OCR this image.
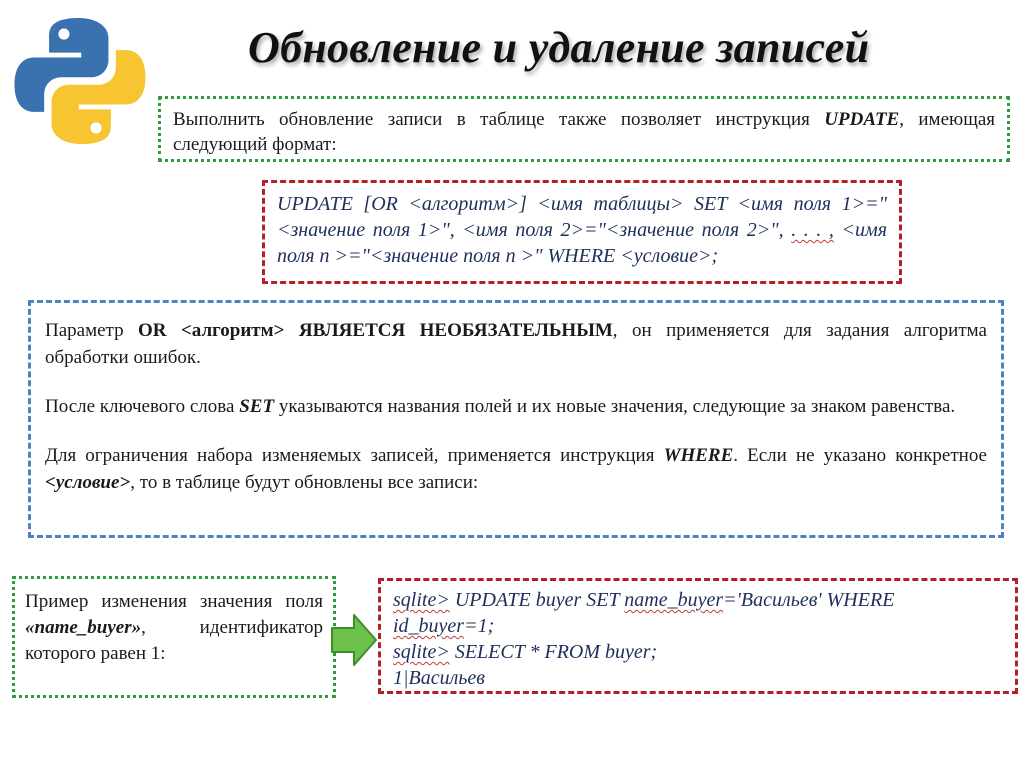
Обновление и удаление записей
Выполнить обновление записи в таблице также позволяет инструкция UPDATE, имеющая следующий формат:
UPDATE [OR <алгоритм>] <имя таблицы> SET <имя поля 1>="<значение поля 1>", <имя поля 2>="<значение поля 2>", . . . , <имя поля n >="<значение поля n >" WHERE <условие>;

Параметр OR <алгоритм> ЯВЛЯЕТСЯ НЕОБЯЗАТЕЛЬНЫМ, он применяется для задания алгоритма обработки ошибок.

После ключевого слова SET указываются названия полей и их новые значения, следующие за знаком равенства.

Для ограничения набора изменяемых записей, применяется инструкция WHERE. Если не указано конкретное <условие>, то в таблице будут обновлены все записи:

Пример изменения значения поля «name_buyer», идентификатор которого равен 1:
sqlite> UPDATE buyer SET name_buyer='Васильев' WHERE
id_buyer=1;
sqlite> SELECT * FROM buyer;
1|Васильев
